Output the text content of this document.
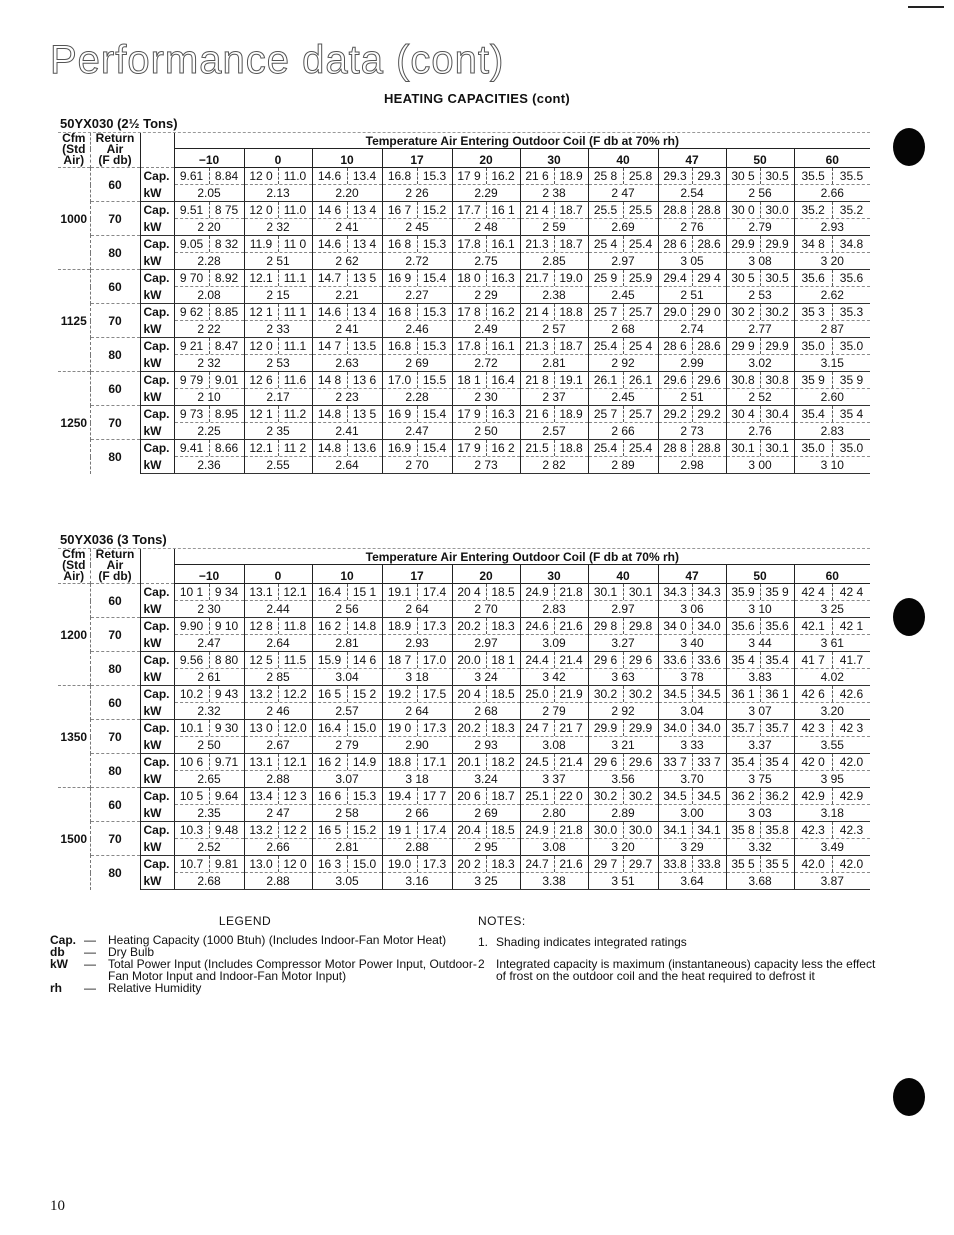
Performance data (cont)
HEATING CAPACITIES (cont)
50YX030 (2½ Tons)
Cfm
(Std
Air)	Return
Air
(F db)		Temperature Air Entering Outdoor Coil (F db at 70% rh)									
			−10	0	10	17	20	30	40	47	50	60
1000	60	Cap.	9.61 8.84	12 0 11.0	14.6 13.4	16.8 15.3	17 9 16.2	21 6 18.9	25 8 25.8	29.3 29.3	30 5 30.5	35.5 35.5

		kW	2.05	2.13	2.20	2 26	2.29	2 38	2 47	2.54	2 56	2.66
	70	Cap.	9.51 8 75	12 0 11.0	14 6 13 4	16 7 15.2	17.7 16 1	21 4 18.7	25.5 25.5	28.8 28.8	30 0 30.0	35.2 35.2

		kW	2 20	2 32	2 41	2 45	2 48	2 59	2.69	2 76	2.79	2.93
	80	Cap.	9.05 8 32	11.9 11 0	14.6 13 4	16 8 15.3	17.8 16.1	21.3 18.7	25 4 25.4	28 6 28.6	29.9 29.9	34 8 34.8

		kW	2.28	2 51	2 62	2.72	2.75	2.85	2.97	3 05	3 08	3 20
1125	60	Cap.	9 70 8.92	12.1 11.1	14.7 13 5	16 9 15.4	18 0 16.3	21.7 19.0	25 9 25.9	29.4 29 4	30 5 30.5	35.6 35.6

		kW	2.08	2 15	2.21	2.27	2 29	2.38	2.45	2 51	2 53	2.62
	70	Cap.	9 62 8.85	12 1 11 1	14.6 13 4	16 8 15.3	17 8 16.2	21 4 18.8	25 7 25.7	29.0 29 0	30 2 30.2	35 3 35.3

		kW	2 22	2 33	2 41	2.46	2.49	2 57	2 68	2.74	2.77	2 87
	80	Cap.	9 21 8.47	12 0 11.1	14 7 13.5	16.8 15.3	17.8 16.1	21.3 18.7	25.4 25 4	28 6 28.6	29 9 29.9	35.0 35.0

		kW	2 32	2 53	2.63	2 69	2.72	2.81	2 92	2.99	3.02	3.15
1250	60	Cap.	9 79 9.01	12 6 11.6	14 8 13 6	17.0 15.5	18 1 16.4	21 8 19.1	26.1 26.1	29.6 29.6	30.8 30.8	35 9 35 9

		kW	2 10	2.17	2 23	2.28	2 30	2 37	2.45	2 51	2 52	2.60
	70	Cap.	9 73 8.95	12 1 11.2	14.8 13 5	16 9 15.4	17 9 16.3	21 6 18.9	25 7 25.7	29.2 29.2	30 4 30.4	35.4 35 4

		kW	2.25	2 35	2.41	2.47	2 50	2.57	2 66	2 73	2.76	2.83
	80	Cap.	9.41 8.66	12.1 11 2	14.8 13.6	16.9 15.4	17 9 16 2	21.5 18.8	25.4 25.4	28 8 28.8	30.1 30.1	35.0 35.0

		kW	2.36	2.55	2.64	2 70	2 73	2 82	2 89	2.98	3 00	3 10
50YX036 (3 Tons)
Cfm
(Std
Air)	Return
Air
(F db)		Temperature Air Entering Outdoor Coil (F db at 70% rh)									
			−10	0	10	17	20	30	40	47	50	60
1200	60	Cap.	10 1 9 34	13.1 12.1	16.4 15 1	19.1 17.4	20 4 18.5	24.9 21.8	30.1 30.1	34.3 34.3	35.9 35 9	42 4 42 4

		kW	2 30	2.44	2 56	2 64	2 70	2.83	2.97	3 06	3 10	3 25
	70	Cap.	9.90 9 10	12 8 11.8	16 2 14.8	18.9 17.3	20.2 18.3	24.6 21.6	29 8 29.8	34 0 34.0	35.6 35.6	42.1 42 1

		kW	2.47	2.64	2.81	2.93	2.97	3.09	3.27	3 40	3 44	3 61
	80	Cap.	9.56 8 80	12 5 11.5	15.9 14 6	18 7 17.0	20.0 18 1	24.4 21.4	29 6 29 6	33.6 33.6	35 4 35.4	41 7 41.7

		kW	2 61	2 85	3.04	3 18	3 24	3 42	3 63	3 78	3.83	4.02
1350	60	Cap.	10.2 9 43	13.2 12.2	16 5 15 2	19.2 17.5	20 4 18.5	25.0 21.9	30.2 30.2	34.5 34.5	36 1 36 1	42 6 42.6

		kW	2.32	2 46	2.57	2 64	2 68	2 79	2 92	3.04	3 07	3.20
	70	Cap.	10.1 9 30	13 0 12.0	16.4 15.0	19 0 17.3	20.2 18.3	24 7 21 7	29.9 29.9	34.0 34.0	35.7 35.7	42 3 42 3

		kW	2 50	2.67	2 79	2.90	2 93	3.08	3 21	3 33	3.37	3.55
	80	Cap.	10 6 9.71	13.1 12.1	16 2 14.9	18.8 17.1	20.1 18.2	24.5 21.4	29 6 29.6	33 7 33 7	35.4 35 4	42 0 42.0

		kW	2.65	2.88	3.07	3 18	3.24	3 37	3.56	3.70	3 75	3 95
1500	60	Cap.	10 5 9.64	13.4 12 3	16 6 15.3	19.4 17 7	20 6 18.7	25.1 22 0	30.2 30.2	34.5 34.5	36 2 36.2	42.9 42.9

		kW	2.35	2 47	2 58	2 66	2 69	2.80	2.89	3.00	3 03	3.18
	70	Cap.	10.3 9.48	13.2 12 2	16 5 15.2	19 1 17.4	20.4 18.5	24.9 21.8	30.0 30.0	34.1 34.1	35 8 35.8	42.3 42.3

		kW	2.52	2.66	2.81	2.88	2 95	3.08	3 20	3 29	3.32	3.49
	80	Cap.	10.7 9.81	13.0 12 0	16 3 15.0	19.0 17.3	20 2 18.3	24.7 21.6	29 7 29.7	33.8 33.8	35 5 35 5	42.0 42.0

		kW	2.68	2.88	3.05	3.16	3 25	3.38	3 51	3.64	3.68	3.87
LEGEND
Cap. —	Heating Capacity (1000 Btuh) (Includes Indoor-Fan Motor Heat)
db	—	Dry Bulb
kW	—	Total Power Input (Includes Compressor Motor Power Input, Outdoor-Fan Motor Input and Indoor-Fan Motor Input)
rh	—	Relative Humidity
NOTES:
1. Shading indicates integrated ratings
2 Integrated capacity is maximum (instantaneous) capacity less the effect of frost on the outdoor coil and the heat required to defrost it
10
